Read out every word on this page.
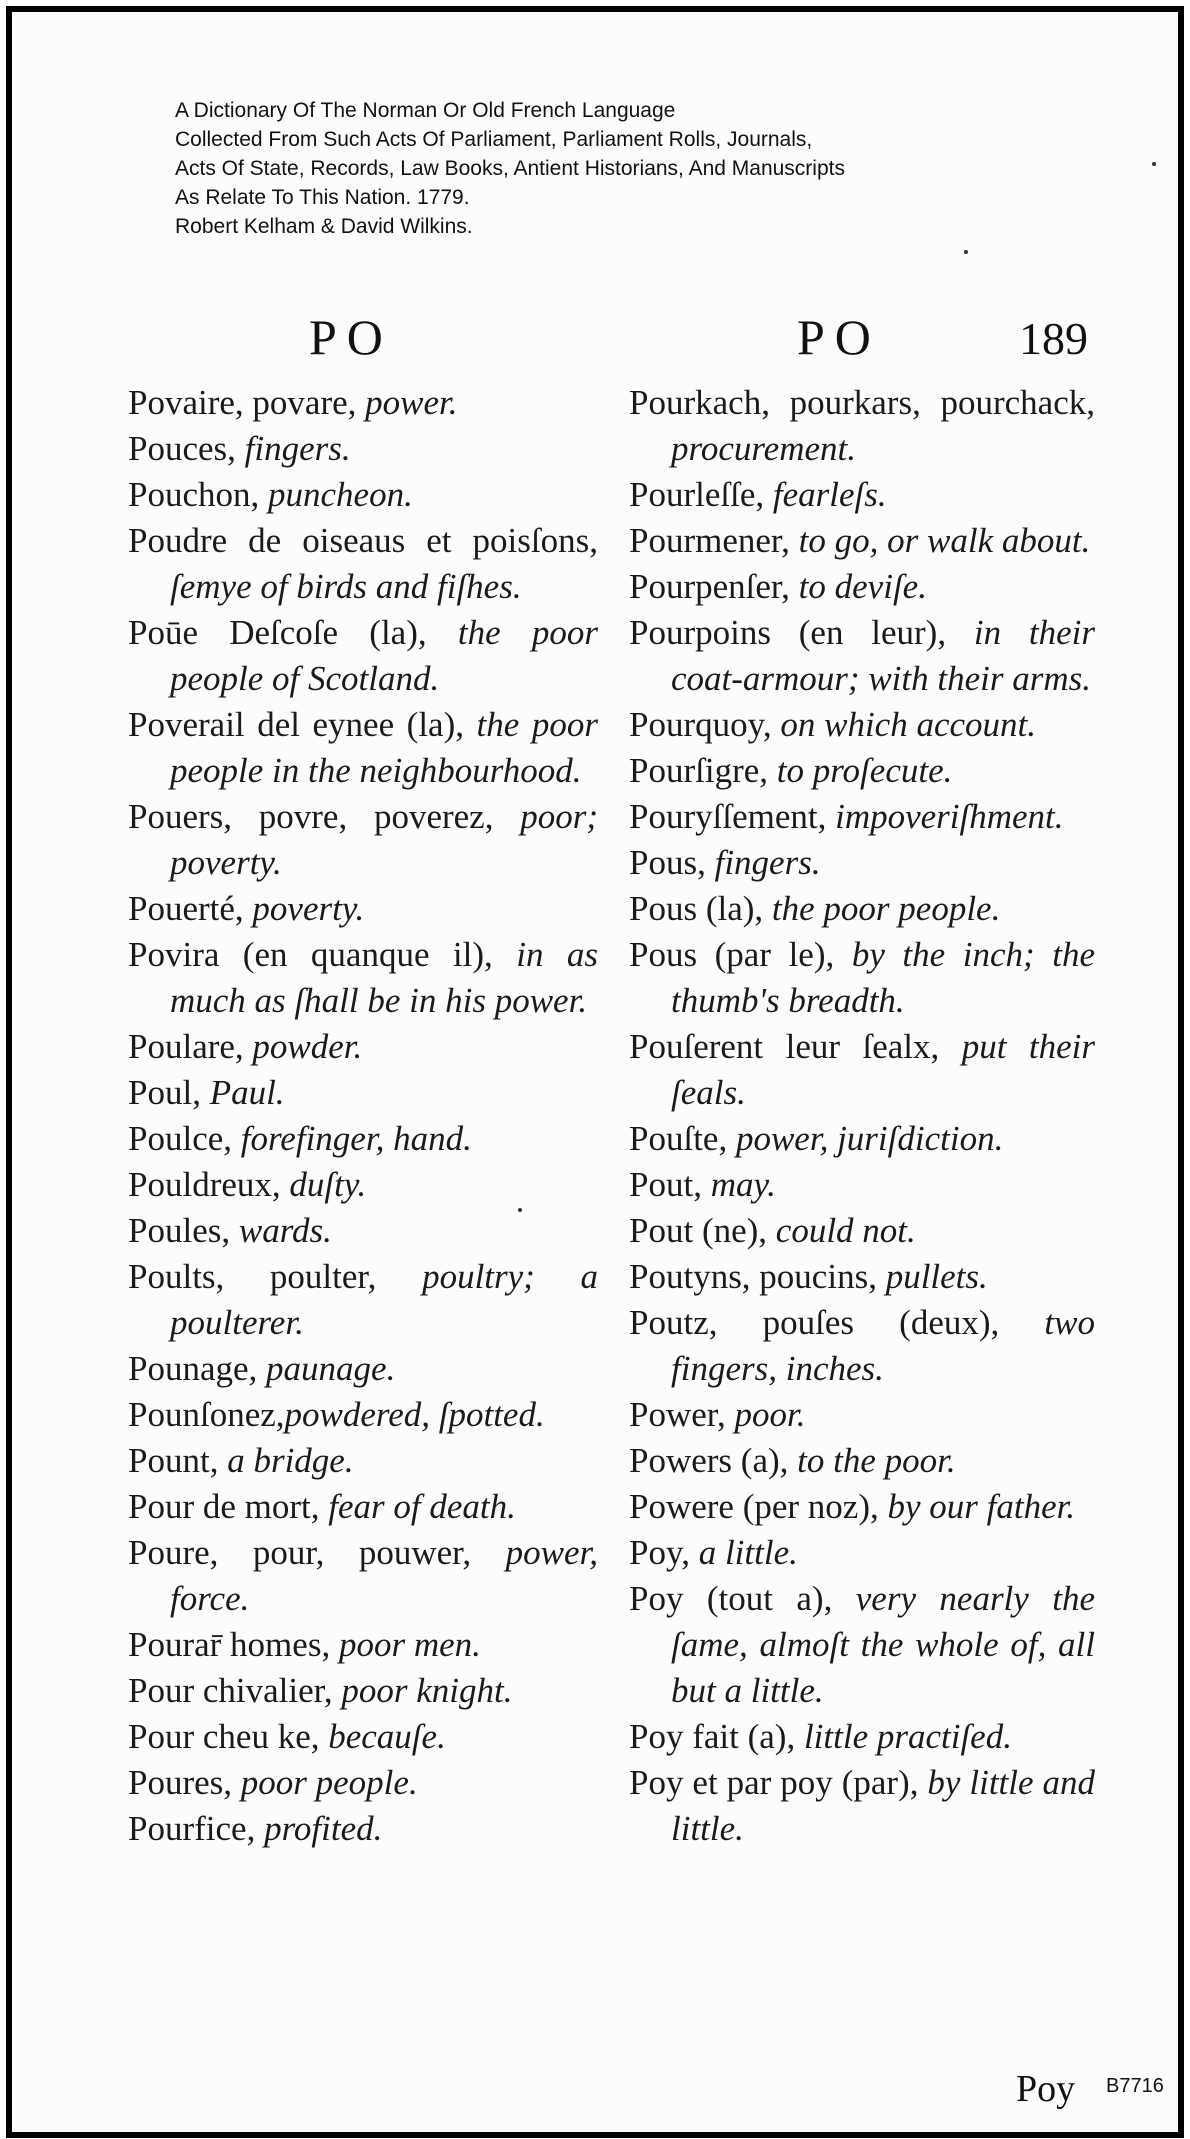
A Dictionary Of The Norman Or Old French Language
Collected From Such Acts Of Parliament, Parliament Rolls, Journals,
Acts Of State, Records, Law Books, Antient Historians, And Manuscripts
As Relate To This Nation. 1779.
Robert Kelham & David Wilkins.
PO	PO	189
Povaire, povare, power.
Pouces, fingers.
Pouchon, puncheon.
Poudre de oiseaus et poisſons, ſemye of birds and fiſhes.
Poūe Deſcoſe (la), the poor people of Scotland.
Poverail del eynee (la), the poor people in the neighbourhood.
Pouers, povre, poverez, poor; poverty.
Pouerté, poverty.
Povira (en quanque il), in as much as ſhall be in his power.
Poulare, powder.
Poul, Paul.
Poulce, forefinger, hand.
Pouldreux, duſty.
Poules, wards.
Poults, poulter, poultry; a poulterer.
Pounage, paunage.
Pounſonez,powdered, ſpotted.
Pount, a bridge.
Pour de mort, fear of death.
Poure, pour, pouwer, power, force.
Pourar̄ homes, poor men.
Pour chivalier, poor knight.
Pour cheu ke, becauſe.
Poures, poor people.
Pourfice, profited.
Pourkach, pourkars, pourchack, procurement.
Pourleſſe, fearleſs.
Pourmener, to go, or walk about.
Pourpenſer, to deviſe.
Pourpoins (en leur), in their coat-armour; with their arms.
Pourquoy, on which account.
Pourſigre, to proſecute.
Pouryſſement, impoveriſhment.
Pous, fingers.
Pous (la), the poor people.
Pous (par le), by the inch; the thumb's breadth.
Pouſerent leur ſealx, put their ſeals.
Pouſte, power, juriſdiction.
Pout, may.
Pout (ne), could not.
Poutyns, poucins, pullets.
Poutz, pouſes (deux), two fingers, inches.
Power, poor.
Powers (a), to the poor.
Powere (per noz), by our father.
Poy, a little.
Poy (tout a), very nearly the ſame, almoſt the whole of, all but a little.
Poy fait (a), little practiſed.
Poy et par poy (par), by little and little.
Poy B7716
